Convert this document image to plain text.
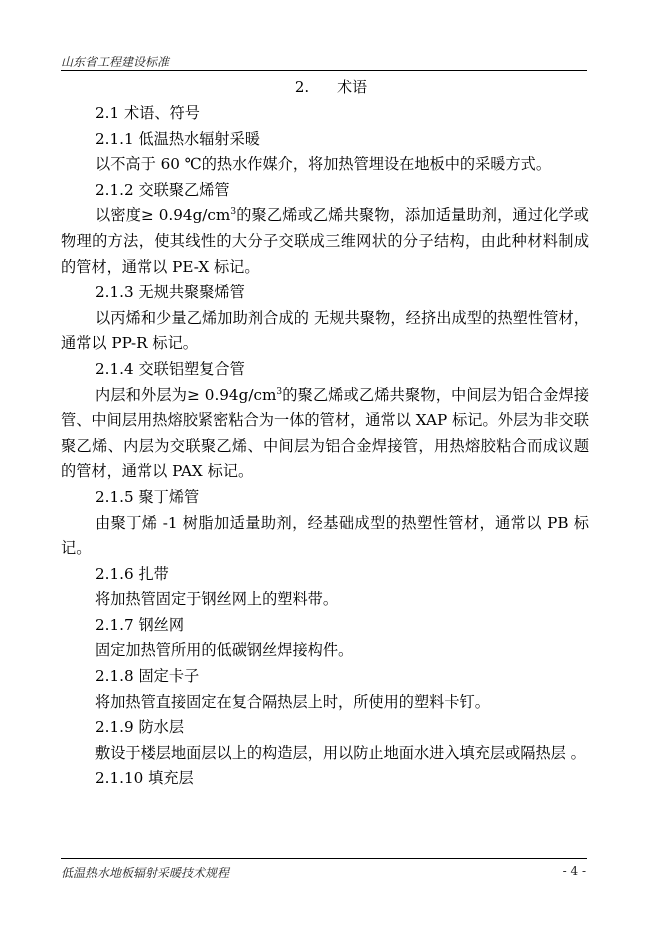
山东省工程建设标准
2. 术语

2.1 术语、符号

2.1.1 低温热水辐射采暖

以不高于 60 ℃的热水作媒介，将加热管埋设在地板中的采暖方式。

2.1.2 交联聚乙烯管

以密度≥ $0.94g/cm^3$的聚乙烯或乙烯共聚物，添加适量助剂，通过化学或物理的方法，使其线性的大分子交联成三维网状的分子结构，由此种材料制成的管材，通常以 PE-X 标记。

2.1.3 无规共聚聚烯管

以丙烯和少量乙烯加助剂合成的 无规共聚物，经挤出成型的热塑性管材，通常以 PP-R 标记。

2.1.4 交联铝塑复合管

内层和外层为≥ $0.94g/cm^3$的聚乙烯或乙烯共聚物，中间层为铝合金焊接管、中间层用热熔胶紧密粘合为一体的管材，通常以 XAP 标记。外层为非交联聚乙烯、内层为交联聚乙烯、中间层为铝合金焊接管，用热熔胶粘合而成议题的管材，通常以 PAX 标记。

2.1.5 聚丁烯管

由聚丁烯 -1 树脂加适量助剂，经基础成型的热塑性管材，通常以 PB 标记。

2.1.6 扎带

将加热管固定于钢丝网上的塑料带。

2.1.7 钢丝网

固定加热管所用的低碳钢丝焊接构件。

2.1.8 固定卡子

将加热管直接固定在复合隔热层上时，所使用的塑料卡钉。

2.1.9 防水层

敷设于楼层地面层以上的构造层，用以防止地面水进入填充层或隔热层 。

2.1.10 填充层

低温热水地板辐射采暖技术规程	- 4 -
